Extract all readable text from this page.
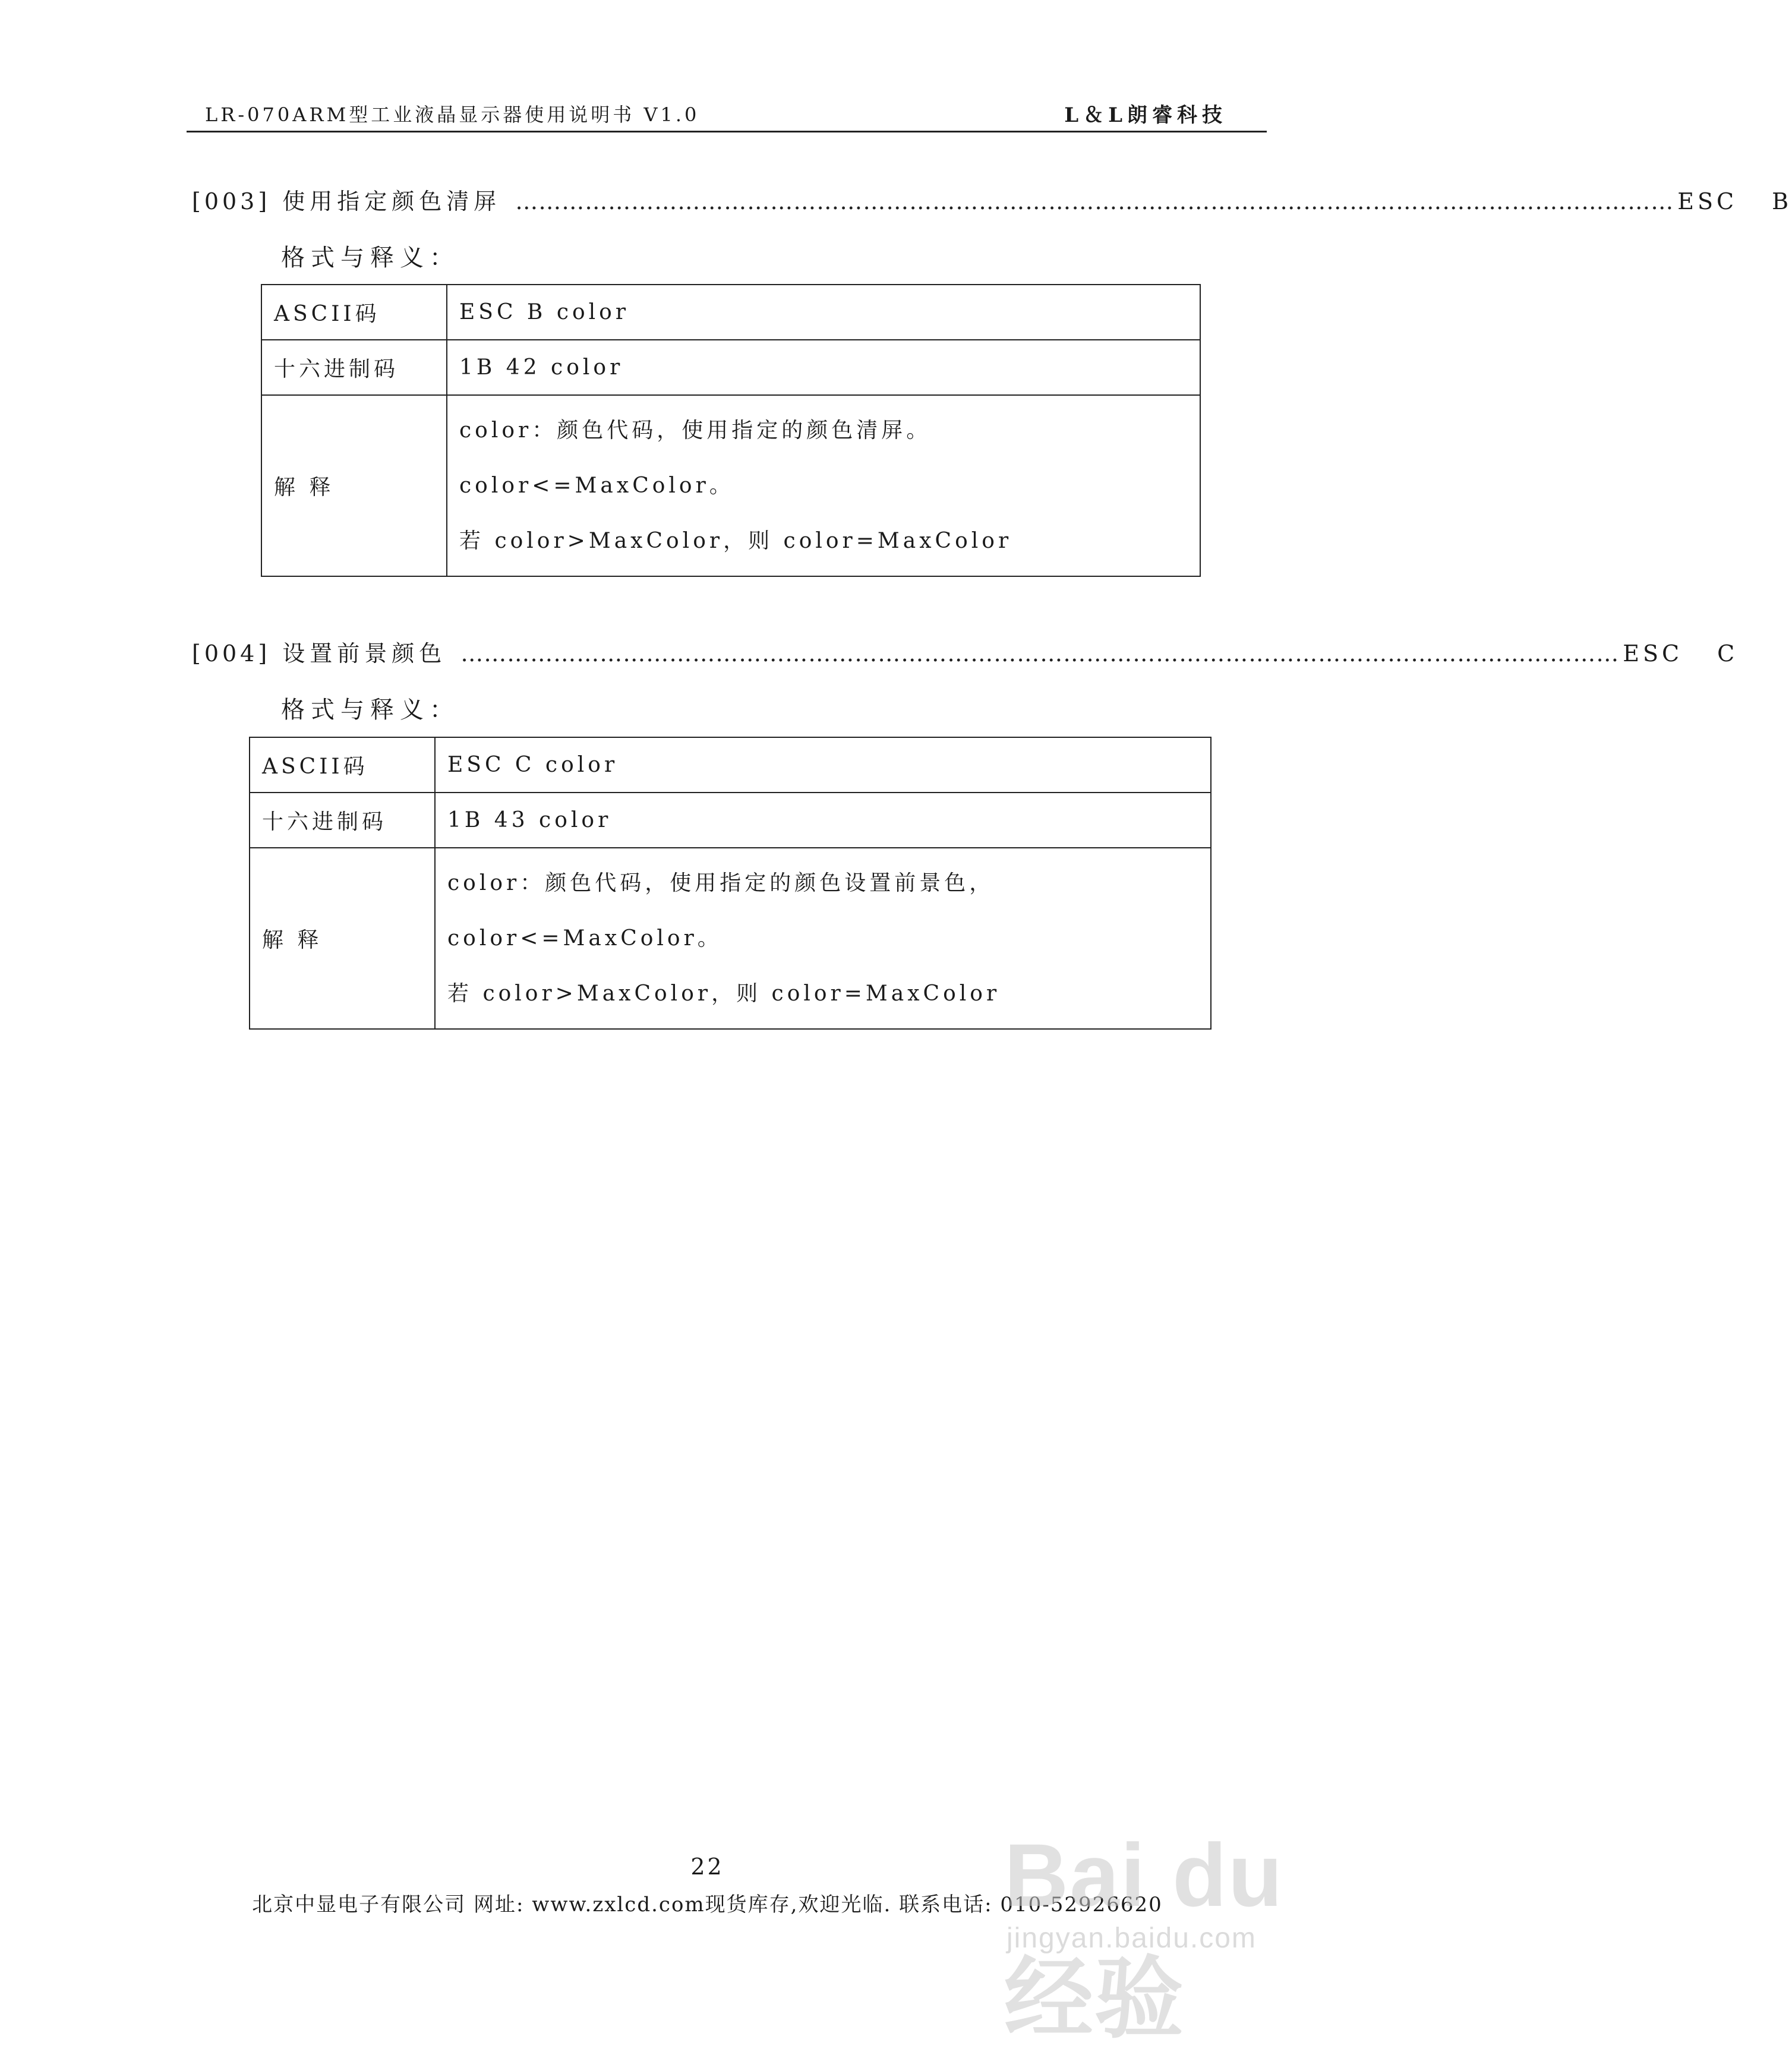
LR-070ARM型工业液晶显示器使用说明书 V1.0	L＆L朗睿科技
[003] 使用指定颜色清屏 …………………………………………………………………………………………………………………………………… ESC B
格式与释义：
ASCII码	ESC B color
十六进制码	1B 42 color
解 释	color：颜色代码，使用指定的颜色清屏。
color<=MaxColor。
若 color>MaxColor，则 color=MaxColor
[004] 设置前景颜色 …………………………………………………………………………………………………………………………………… ESC C
格式与释义：
ASCII码	ESC C color
十六进制码	1B 43 color
解 释	color：颜色代码，使用指定的颜色设置前景色，
color<=MaxColor。
若 color>MaxColor，则 color=MaxColor
22
北京中显电子有限公司 网址: www.zxlcd.com现货库存,欢迎光临. 联系电话: 010-52926620
Bai du 经验
jingyan.baidu.com
